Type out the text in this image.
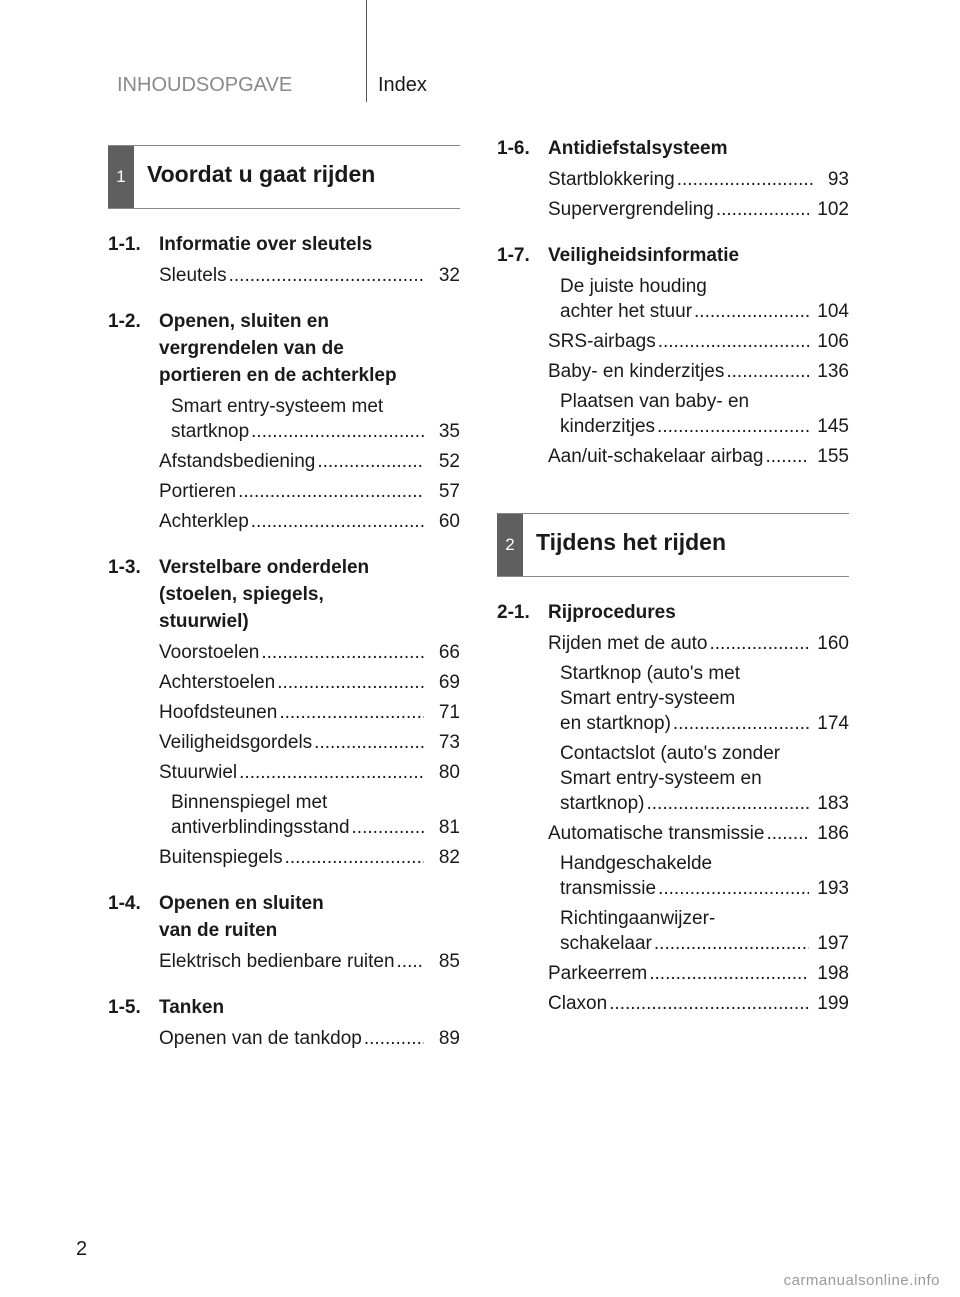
INHOUDSOPGAVE	Index
1 Voordat u gaat rijden
1-1. Informatie over sleutels
Sleutels .....	32
1-2. Openen, sluiten en
vergrendelen van de
portieren en de achterklep
Smart entry-systeem met
startknop .....	35
Afstandsbediening .....	52
Portieren .....	57
Achterklep .....	60
1-3. Verstelbare onderdelen
(stoelen, spiegels,
stuurwiel)
Voorstoelen .....	66
Achterstoelen .....	69
Hoofdsteunen .....	71
Veiligheidsgordels .....	73
Stuurwiel .....	80
Binnenspiegel met
antiverblindingsstand .....	81
Buitenspiegels .....	82
1-4. Openen en sluiten
van de ruiten
Elektrisch bedienbare ruiten .....	85
1-5. Tanken
Openen van de tankdop .....	89
1-6. Antidiefstalsysteem
Startblokkering .....	93
Supervergrendeling .....	102
1-7. Veiligheidsinformatie
De juiste houding
achter het stuur .....	104
SRS-airbags .....	106
Baby- en kinderzitjes .....	136
Plaatsen van baby- en
kinderzitjes .....	145
Aan/uit-schakelaar airbag .....	155
2 Tijdens het rijden
2-1. Rijprocedures
Rijden met de auto .....	160
Startknop (auto's met
Smart entry-systeem
en startknop) .....	174
Contactslot (auto's zonder
Smart entry-systeem en
startknop) .....	183
Automatische transmissie .....	186
Handgeschakelde
transmissie .....	193
Richtingaanwijzer-
schakelaar .....	197
Parkeerrem .....	198
Claxon .....	199
2
carmanualsonline.info
